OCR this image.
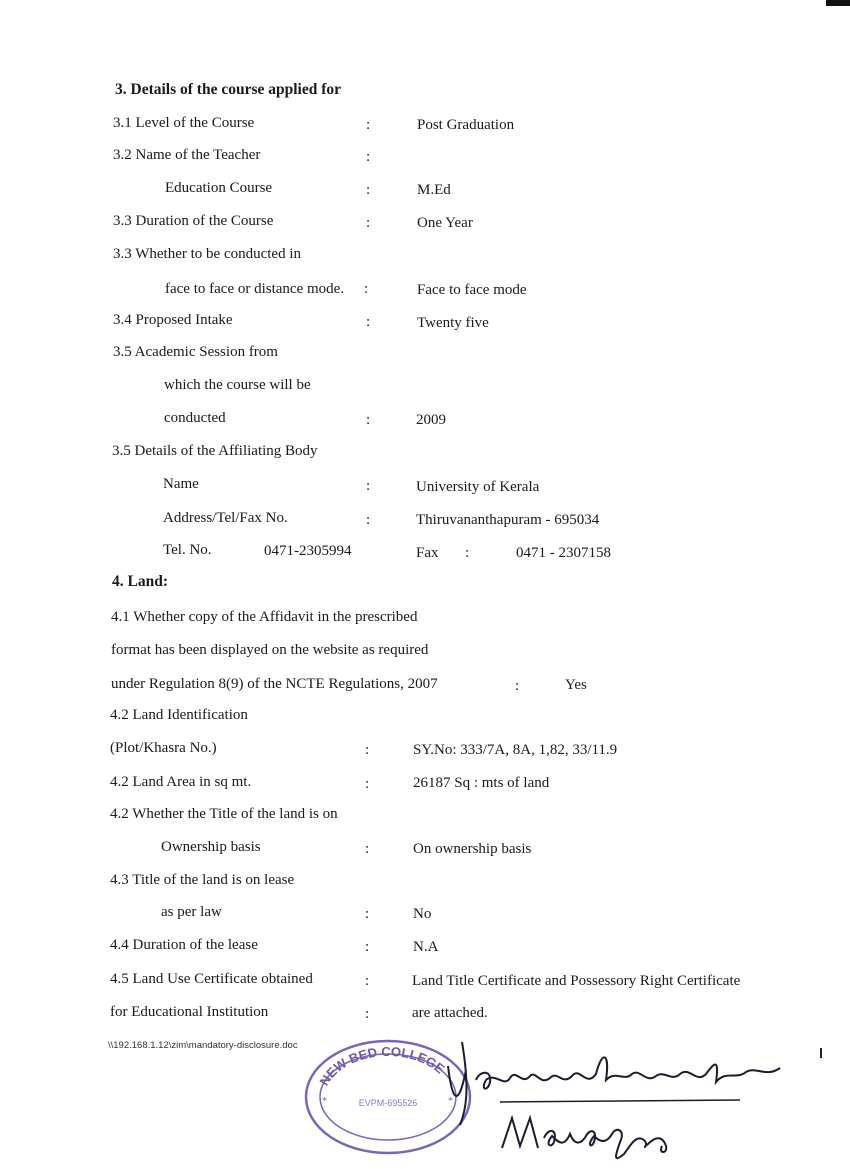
3. Details of the course applied for
3.1 Level of the Course	:	Post Graduation
3.2 Name of the Teacher	:
Education Course	:	M.Ed
3.3 Duration of the Course	:	One Year
3.3 Whether to be conducted in
face to face or distance mode. :	Face to face mode
3.4 Proposed Intake	:	Twenty five
3.5 Academic Session from
which the course will be
conducted	:	2009
3.5 Details of the Affiliating Body
Name	:	University of Kerala
Address/Tel/Fax No.	:	Thiruvananthapuram - 695034
Tel. No.	0471-2305994	Fax :	0471 - 2307158
4. Land:
4.1 Whether copy of the Affidavit in the prescribed
format has been displayed on the website as required
under Regulation 8(9) of the NCTE Regulations, 2007	:	Yes
4.2 Land Identification
(Plot/Khasra No.)	:	SY.No: 333/7A, 8A, 1,82, 33/11.9
4.2 Land Area in sq mt.	:	26187 Sq : mts of land
4.2 Whether the Title of the land is on
Ownership basis	:	On ownership basis
4.3 Title of the land is on lease
as per law	:	No
4.4 Duration of the lease	:	N.A
4.5 Land Use Certificate obtained	:	Land Title Certificate and Possessory Right Certificate
for Educational Institution	:	are attached.
\\192.168.1.12\zim\mandatory-disclosure.doc
NEW BED COLLEGE
EVPM-695526
*	*
